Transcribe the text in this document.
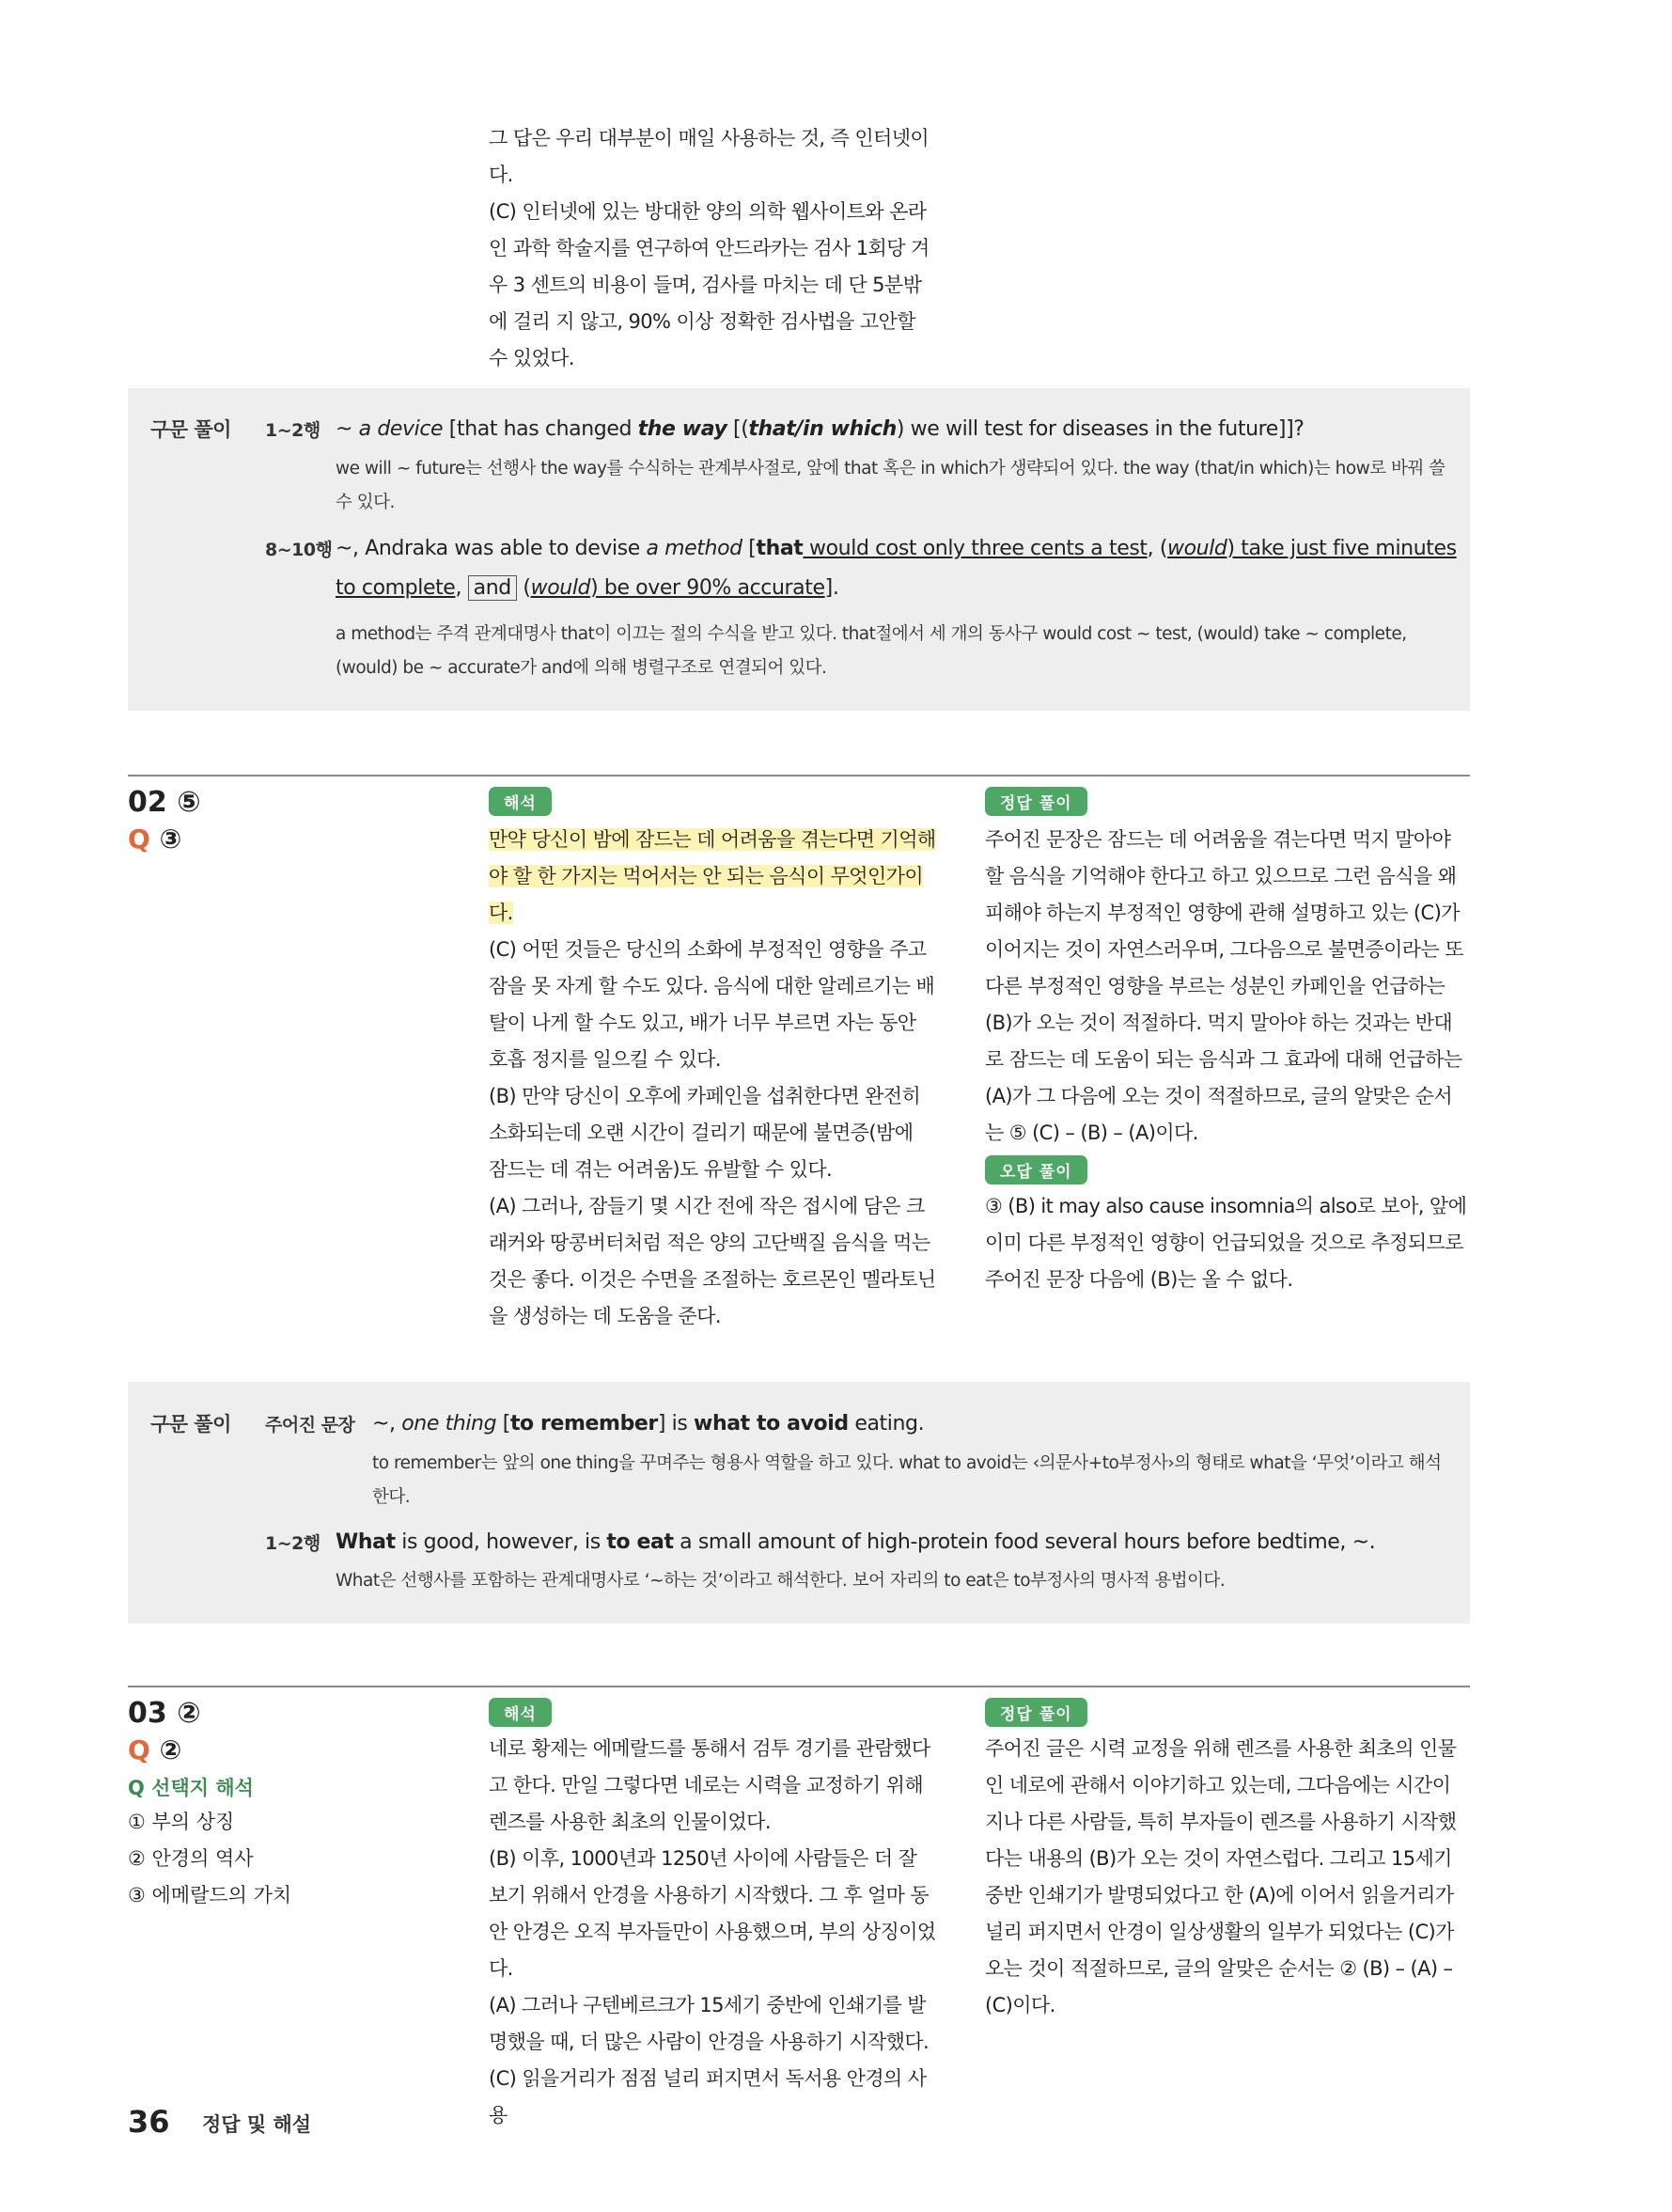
그 답은 우리 대부분이 매일 사용하는 것, 즉 인터넷이 다.

(C) 인터넷에 있는 방대한 양의 의학 웹사이트와 온라인 과학 학술지를 연구하여 안드라카는 검사 1회당 겨우 3 센트의 비용이 들며, 검사를 마치는 데 단 5분밖에 걸리 지 않고, 90% 이상 정확한 검사법을 고안할 수 있었다.

구문 풀이 1~2행 ~ a device [that has changed the way [(that/in which) we will test for diseases in the future]]?
we will ~ future는 선행사 the way를 수식하는 관계부사절로, 앞에 that 혹은 in which가 생략되어 있다. the way (that/in which)는 how로 바꿔 쓸 수 있다.
8~10행 ~, Andraka was able to devise a method [that would cost only three cents a test, (would) take just five minutes to complete, and (would) be over 90% accurate].
a method는 주격 관계대명사 that이 이끄는 절의 수식을 받고 있다. that절에서 세 개의 동사구 would cost ~ test, (would) take ~ complete, (would) be ~ accurate가 and에 의해 병렬구조로 연결되어 있다.
02 ⑤
Q ③
해석

만약 당신이 밤에 잠드는 데 어려움을 겪는다면 기억해야 할 한 가지는 먹어서는 안 되는 음식이 무엇인가이다.

(C) 어떤 것들은 당신의 소화에 부정적인 영향을 주고 잠을 못 자게 할 수도 있다. 음식에 대한 알레르기는 배탈이 나게 할 수도 있고, 배가 너무 부르면 자는 동안 호흡 정지를 일으킬 수 있다.

(B) 만약 당신이 오후에 카페인을 섭취한다면 완전히 소화되는데 오랜 시간이 걸리기 때문에 불면증(밤에 잠드는 데 겪는 어려움)도 유발할 수 있다.

(A) 그러나, 잠들기 몇 시간 전에 작은 접시에 담은 크래커와 땅콩버터처럼 적은 양의 고단백질 음식을 먹는 것은 좋다. 이것은 수면을 조절하는 호르몬인 멜라토닌을 생성하는 데 도움을 준다.

정답 풀이
주어진 문장은 잠드는 데 어려움을 겪는다면 먹지 말아야 할 음식을 기억해야 한다고 하고 있으므로 그런 음식을 왜 피해야 하는지 부정적인 영향에 관해 설명하고 있는 (C)가 이어지는 것이 자연스러우며, 그다음으로 불면증이라는 또 다른 부정적인 영향을 부르는 성분인 카페인을 언급하는 (B)가 오는 것이 적절하다. 먹지 말아야 하는 것과는 반대로 잠드는 데 도움이 되는 음식과 그 효과에 대해 언급하는 (A)가 그 다음에 오는 것이 적절하므로, 글의 알맞은 순서는 ⑤ (C) – (B) – (A)이다.
오답 풀이
③ (B) it may also cause insomnia의 also로 보아, 앞에 이미 다른 부정적인 영향이 언급되었을 것으로 추정되므로 주어진 문장 다음에 (B)는 올 수 없다.
구문 풀이 주어진 문장 ~, one thing [to remember] is what to avoid eating.
to remember는 앞의 one thing을 꾸며주는 형용사 역할을 하고 있다. what to avoid는 ‹의문사+to부정사›의 형태로 what을 ‘무엇’이라고 해석한다.
1~2행 What is good, however, is to eat a small amount of high-protein food several hours before bedtime, ~.
What은 선행사를 포함하는 관계대명사로 ‘~하는 것’이라고 해석한다. 보어 자리의 to eat은 to부정사의 명사적 용법이다.
03 ②
Q ②
Q 선택지 해석
① 부의 상징
② 안경의 역사
③ 에메랄드의 가치
해석

네로 황제는 에메랄드를 통해서 검투 경기를 관람했다고 한다. 만일 그렇다면 네로는 시력을 교정하기 위해 렌즈를 사용한 최초의 인물이었다.

(B) 이후, 1000년과 1250년 사이에 사람들은 더 잘 보기 위해서 안경을 사용하기 시작했다. 그 후 얼마 동안 안경은 오직 부자들만이 사용했으며, 부의 상징이었다.

(A) 그러나 구텐베르크가 15세기 중반에 인쇄기를 발명했을 때, 더 많은 사람이 안경을 사용하기 시작했다.

(C) 읽을거리가 점점 널리 퍼지면서 독서용 안경의 사용

정답 풀이
주어진 글은 시력 교정을 위해 렌즈를 사용한 최초의 인물인 네로에 관해서 이야기하고 있는데, 그다음에는 시간이 지나 다른 사람들, 특히 부자들이 렌즈를 사용하기 시작했다는 내용의 (B)가 오는 것이 자연스럽다. 그리고 15세기 중반 인쇄기가 발명되었다고 한 (A)에 이어서 읽을거리가 널리 퍼지면서 안경이 일상생활의 일부가 되었다는 (C)가 오는 것이 적절하므로, 글의 알맞은 순서는 ② (B) – (A) – (C)이다.
36 정답 및 해설
